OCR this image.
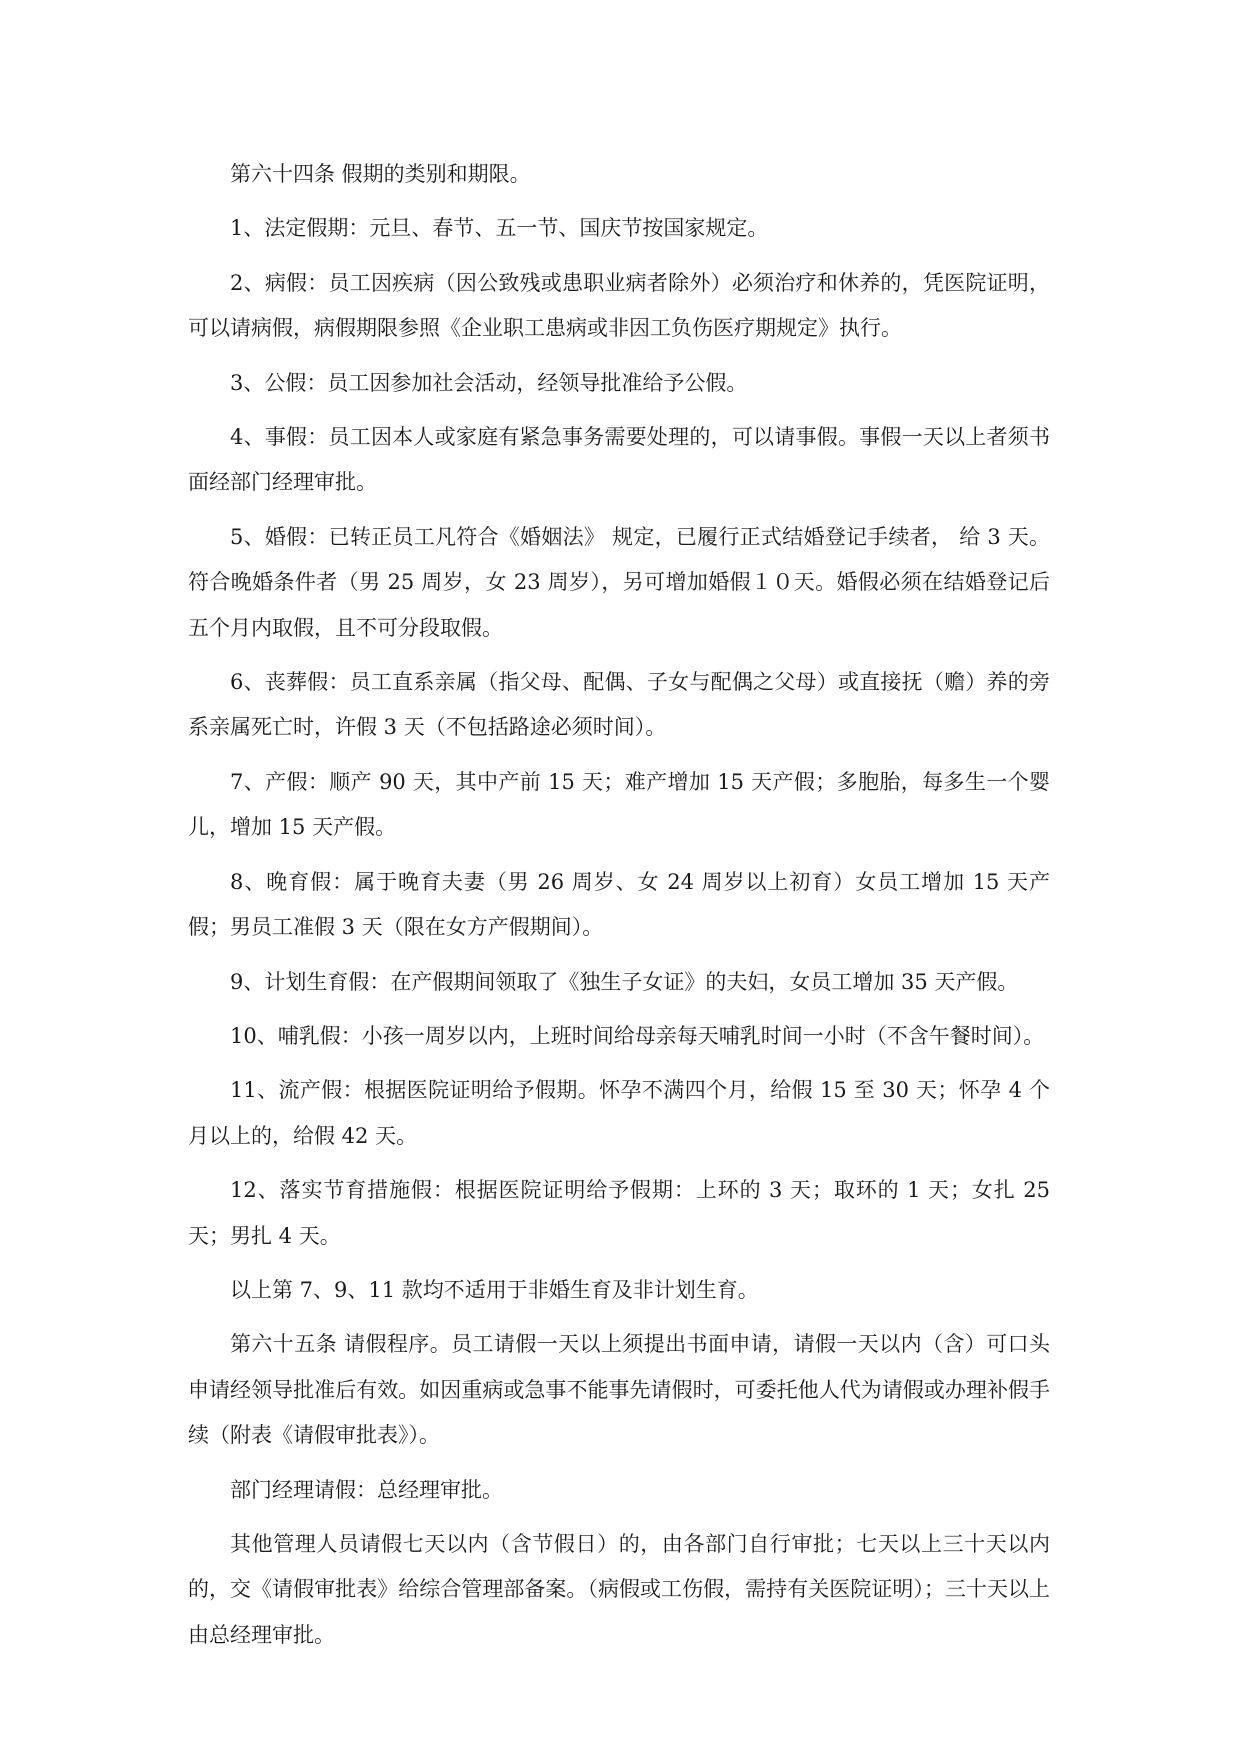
第六十四条 假期的类别和期限。

1、法定假期：元旦、春节、五一节、国庆节按国家规定。

2、病假：员工因疾病（因公致残或患职业病者除外）必须治疗和休养的，凭医院证明，可以请病假，病假期限参照《企业职工患病或非因工负伤医疗期规定》执行。

3、公假：员工因参加社会活动，经领导批准给予公假。

4、事假：员工因本人或家庭有紧急事务需要处理的，可以请事假。事假一天以上者须书面经部门经理审批。

5、婚假：已转正员工凡符合《婚姻法》 规定，已履行正式结婚登记手续者， 给 3 天。符合晚婚条件者（男 25 周岁，女 23 周岁），另可增加婚假１０天。婚假必须在结婚登记后五个月内取假，且不可分段取假。

6、丧葬假：员工直系亲属（指父母、配偶、子女与配偶之父母）或直接抚（赡）养的旁系亲属死亡时，许假 3 天（不包括路途必须时间）。

7、产假：顺产 90 天，其中产前 15 天；难产增加 15 天产假；多胞胎，每多生一个婴儿，增加 15 天产假。

8、晚育假：属于晚育夫妻（男 26 周岁、女 24 周岁以上初育）女员工增加 15 天产假；男员工准假 3 天（限在女方产假期间）。

9、计划生育假：在产假期间领取了《独生子女证》的夫妇，女员工增加 35 天产假。

10、哺乳假：小孩一周岁以内，上班时间给母亲每天哺乳时间一小时（不含午餐时间）。

11、流产假：根据医院证明给予假期。怀孕不满四个月，给假 15 至 30 天；怀孕 4 个月以上的，给假 42 天。

12、落实节育措施假：根据医院证明给予假期：上环的 3 天；取环的 1 天；女扎 25 天；男扎 4 天。

以上第 7、9、11 款均不适用于非婚生育及非计划生育。

第六十五条 请假程序。员工请假一天以上须提出书面申请，请假一天以内（含）可口头申请经领导批准后有效。如因重病或急事不能事先请假时，可委托他人代为请假或办理补假手续（附表《请假审批表》）。

部门经理请假：总经理审批。

其他管理人员请假七天以内（含节假日）的，由各部门自行审批；七天以上三十天以内的，交《请假审批表》给综合管理部备案。（病假或工伤假，需持有关医院证明）；三十天以上由总经理审批。
